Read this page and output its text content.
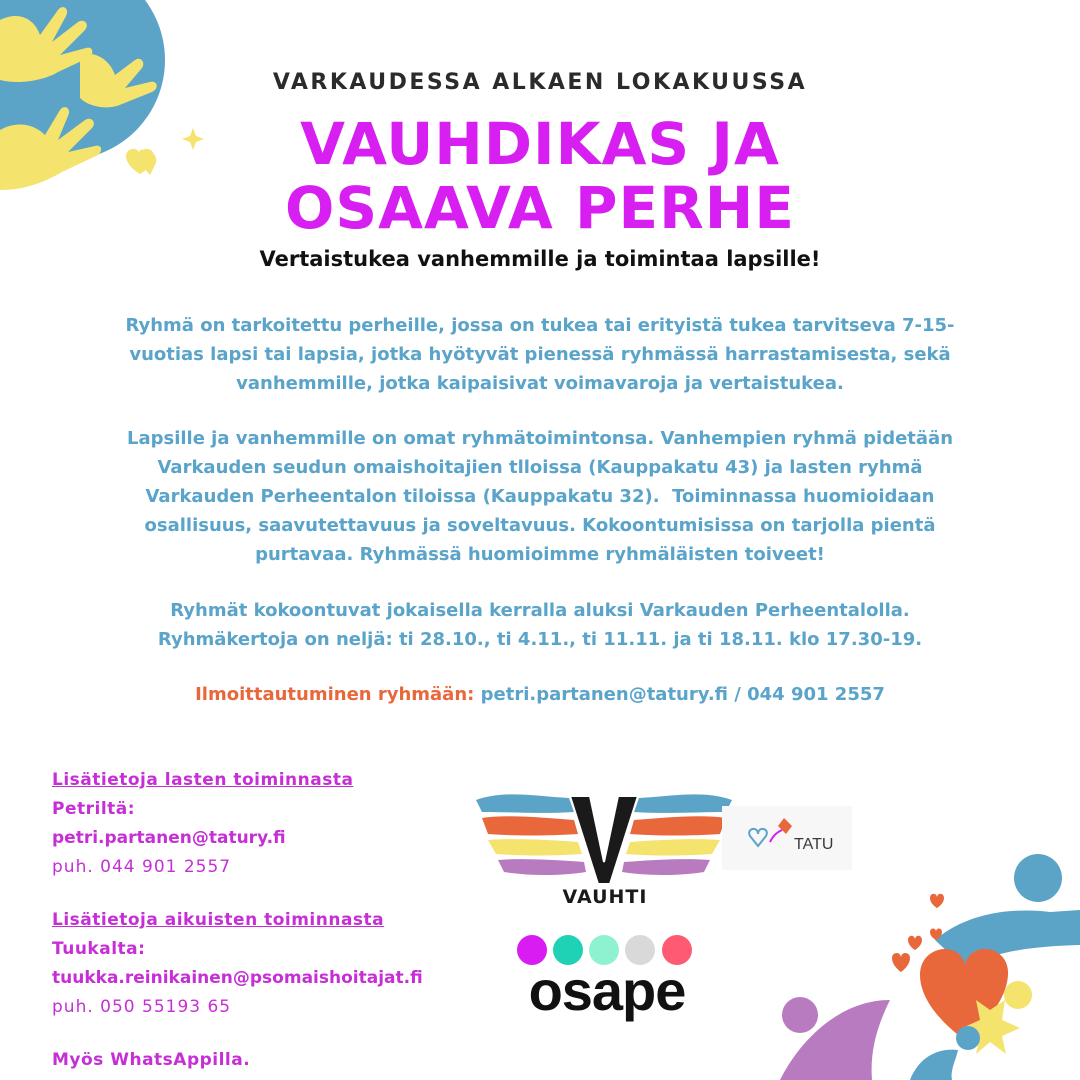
VARKAUDESSA ALKAEN LOKAKUUSSA
VAUHDIKAS JA
OSAAVA PERHE
Vertaistukea vanhemmille ja toimintaa lapsille!
Ryhmä on tarkoitettu perheille, jossa on tukea tai erityistä tukea tarvitseva 7-15-
vuotias lapsi tai lapsia, jotka hyötyvät pienessä ryhmässä harrastamisesta, sekä
vanhemmille, jotka kaipaisivat voimavaroja ja vertaistukea.
Lapsille ja vanhemmille on omat ryhmätoimintonsa. Vanhempien ryhmä pidetään
Varkauden seudun omaishoitajien tlloissa (Kauppakatu 43) ja lasten ryhmä
Varkauden Perheentalon tiloissa (Kauppakatu 32).  Toiminnassa huomioidaan
osallisuus, saavutettavuus ja soveltavuus. Kokoontumisissa on tarjolla pientä
purtavaa. Ryhmässä huomioimme ryhmäläisten toiveet!
Ryhmät kokoontuvat jokaisella kerralla aluksi Varkauden Perheentalolla.
Ryhmäkertoja on neljä: ti 28.10., ti 4.11., ti 11.11. ja ti 18.11. klo 17.30-19.
Ilmoittautuminen ryhmään: petri.partanen@tatury.fi / 044 901 2557
Lisätietoja lasten toiminnasta
Petriltä:
petri.partanen@tatury.fi
puh. 044 901 2557
Lisätietoja aikuisten toiminnasta
Tuukalta:
tuukka.reinikainen@psomaishoitajat.fi
puh. 050 55193 65
Myös WhatsAppilla.
VAUHTI
TATU
osape
